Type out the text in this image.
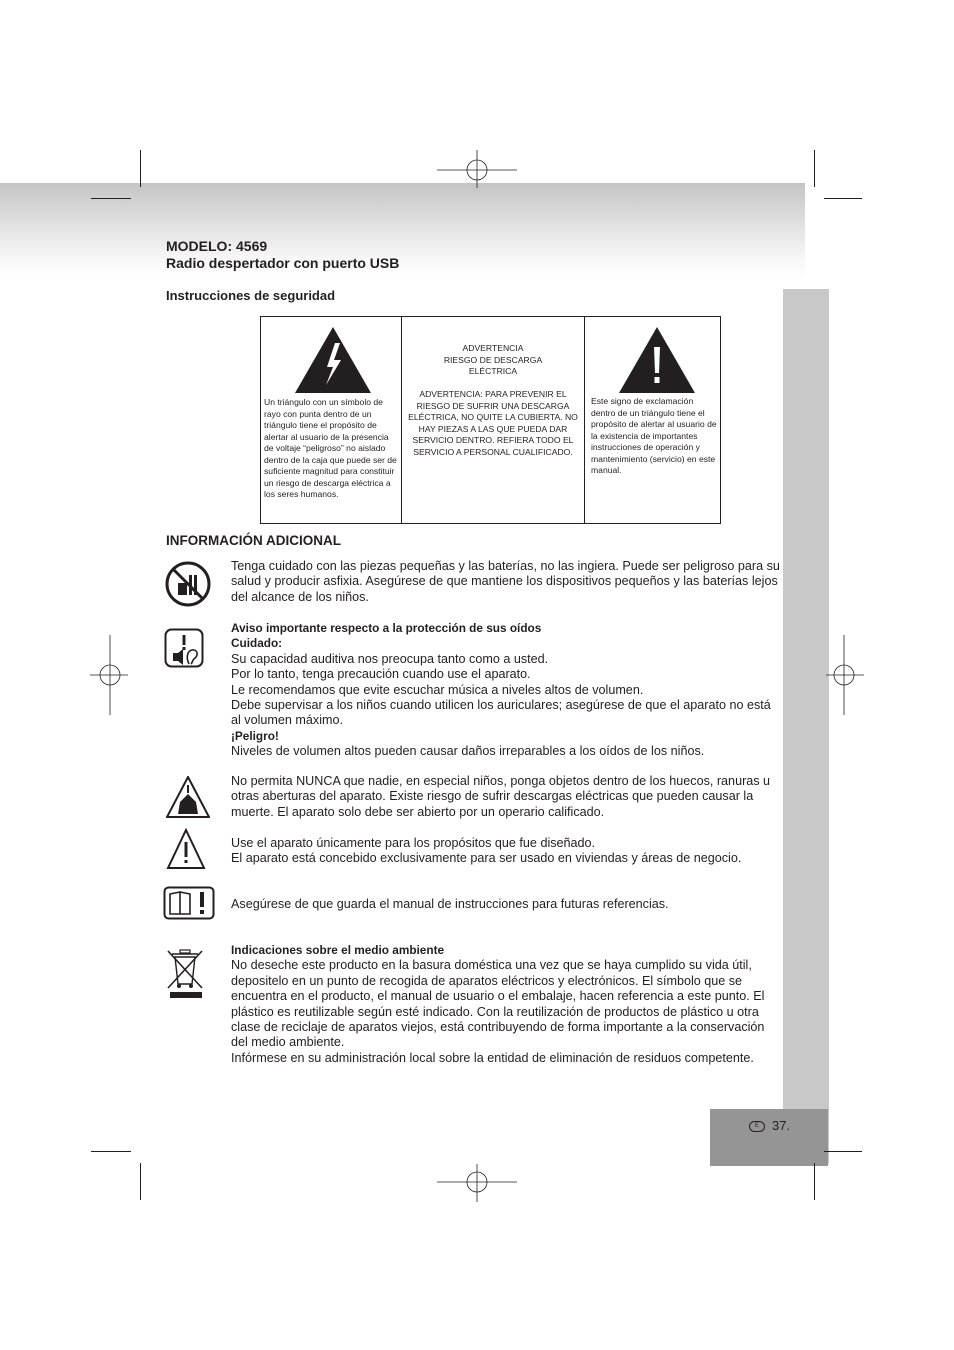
MODELO: 4569
Radio despertador con puerto USB
Instrucciones de seguridad
Un triángulo con un símbolo de rayo con punta dentro de un triángulo tiene el propósito de alertar al usuario de la presencia de voltaje “peligroso” no aislado dentro de la caja que puede ser de suficiente magnitud para constituir un riesgo de descarga eléctrica a los seres humanos.
ADVERTENCIA
RIESGO DE DESCARGA
ELÉCTRICA
ADVERTENCIA: PARA PREVENIR EL RIESGO DE SUFRIR UNA DESCARGA ELÉCTRICA, NO QUITE LA CUBIERTA. NO HAY PIEZAS A LAS QUE PUEDA DAR SERVICIO DENTRO. REFIERA TODO EL SERVICIO A PERSONAL CUALIFICADO.
Este signo de exclamación dentro de un triángulo tiene el propósito de alertar al usuario de la existencia de importantes instrucciones de operación y mantenimiento (servicio) en este manual.
INFORMACIÓN ADICIONAL
Tenga cuidado con las piezas pequeñas y las baterías, no las ingiera. Puede ser peligroso para su salud y producir asfixia. Asegúrese de que mantiene los dispositivos pequeños y las baterías lejos del alcance de los niños.
Aviso importante respecto a la protección de sus oídos
Cuidado:
Su capacidad auditiva nos preocupa tanto como a usted.
Por lo tanto, tenga precaución cuando use el aparato.
Le recomendamos que evite escuchar música a niveles altos de volumen.
Debe supervisar a los niños cuando utilicen los auriculares; asegúrese de que el aparato no está al volumen máximo.
¡Peligro!
Niveles de volumen altos pueden causar daños irreparables a los oídos de los niños.
No permita NUNCA que nadie, en especial niños, ponga objetos dentro de los huecos, ranuras u otras aberturas del aparato. Existe riesgo de sufrir descargas eléctricas que pueden causar la muerte. El aparato solo debe ser abierto por un operario calificado.
Use el aparato únicamente para los propósitos que fue diseñado.
El aparato está concebido exclusivamente para ser usado en viviendas y áreas de negocio.
Asegúrese de que guarda el manual de instrucciones para futuras referencias.
Indicaciones sobre el medio ambiente
No deseche este producto en la basura doméstica una vez que se haya cumplido su vida útil, depositelo en un punto de recogida de aparatos eléctricos y electrónicos. El símbolo que se encuentra en el producto, el manual de usuario o el embalaje, hacen referencia a este punto. El plástico es reutilizable según esté indicado. Con la reutilización de productos de plástico u otra clase de reciclaje de aparatos viejos, está contribuyendo de forma importante a la conservación del medio ambiente.
Infórmese en su administración local sobre la entidad de eliminación de residuos competente.
E	37.
